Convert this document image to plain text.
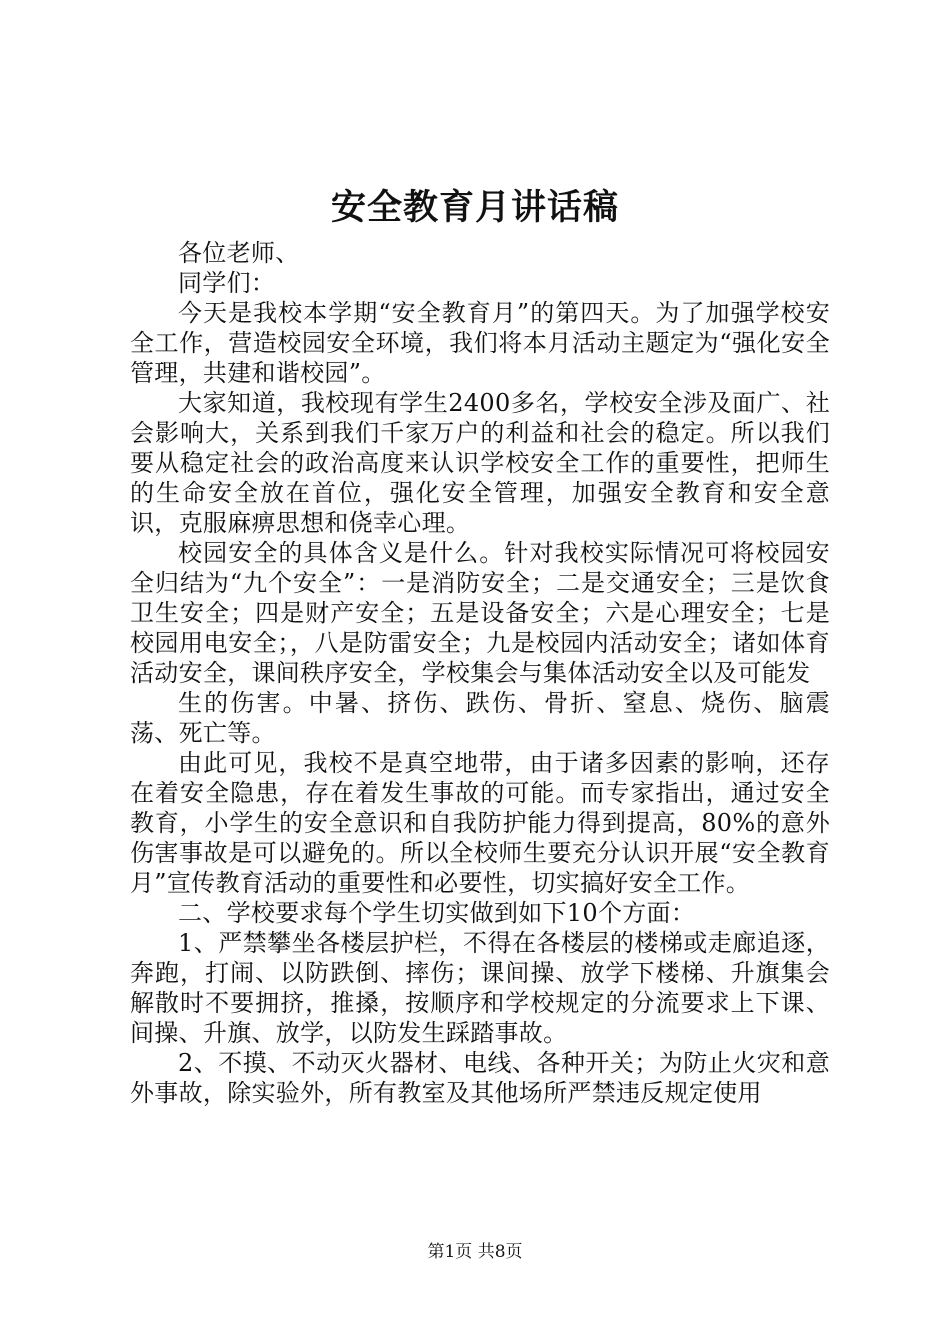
安全教育月讲话稿

各位老师、

同学们：

今天是我校本学期“安全教育月”的第四天。为了加强学校安全工作，营造校园安全环境，我们将本月活动主题定为“强化安全管理，共建和谐校园”。

大家知道，我校现有学生2400多名，学校安全涉及面广、社会影响大，关系到我们千家万户的利益和社会的稳定。所以我们要从稳定社会的政治高度来认识学校安全工作的重要性，把师生的生命安全放在首位，强化安全管理，加强安全教育和安全意识，克服麻痹思想和侥幸心理。

校园安全的具体含义是什么。针对我校实际情况可将校园安全归结为“九个安全”：一是消防安全；二是交通安全；三是饮食卫生安全；四是财产安全；五是设备安全；六是心理安全；七是校园用电安全；，八是防雷安全；九是校园内活动安全；诸如体育活动安全，课间秩序安全，学校集会与集体活动安全以及可能发

生的伤害。中暑、挤伤、跌伤、骨折、窒息、烧伤、脑震荡、死亡等。

由此可见，我校不是真空地带，由于诸多因素的影响，还存在着安全隐患，存在着发生事故的可能。而专家指出，通过安全教育，小学生的安全意识和自我防护能力得到提高，80%的意外伤害事故是可以避免的。所以全校师生要充分认识开展“安全教育月”宣传教育活动的重要性和必要性，切实搞好安全工作。

二、学校要求每个学生切实做到如下10个方面：

1、严禁攀坐各楼层护栏，不得在各楼层的楼梯或走廊追逐，奔跑，打闹、以防跌倒、摔伤；课间操、放学下楼梯、升旗集会解散时不要拥挤，推搡，按顺序和学校规定的分流要求上下课、间操、升旗、放学，以防发生踩踏事故。

2、不摸、不动灭火器材、电线、各种开关；为防止火灾和意外事故，除实验外，所有教室及其他场所严禁违反规定使用

第1页 共8页
